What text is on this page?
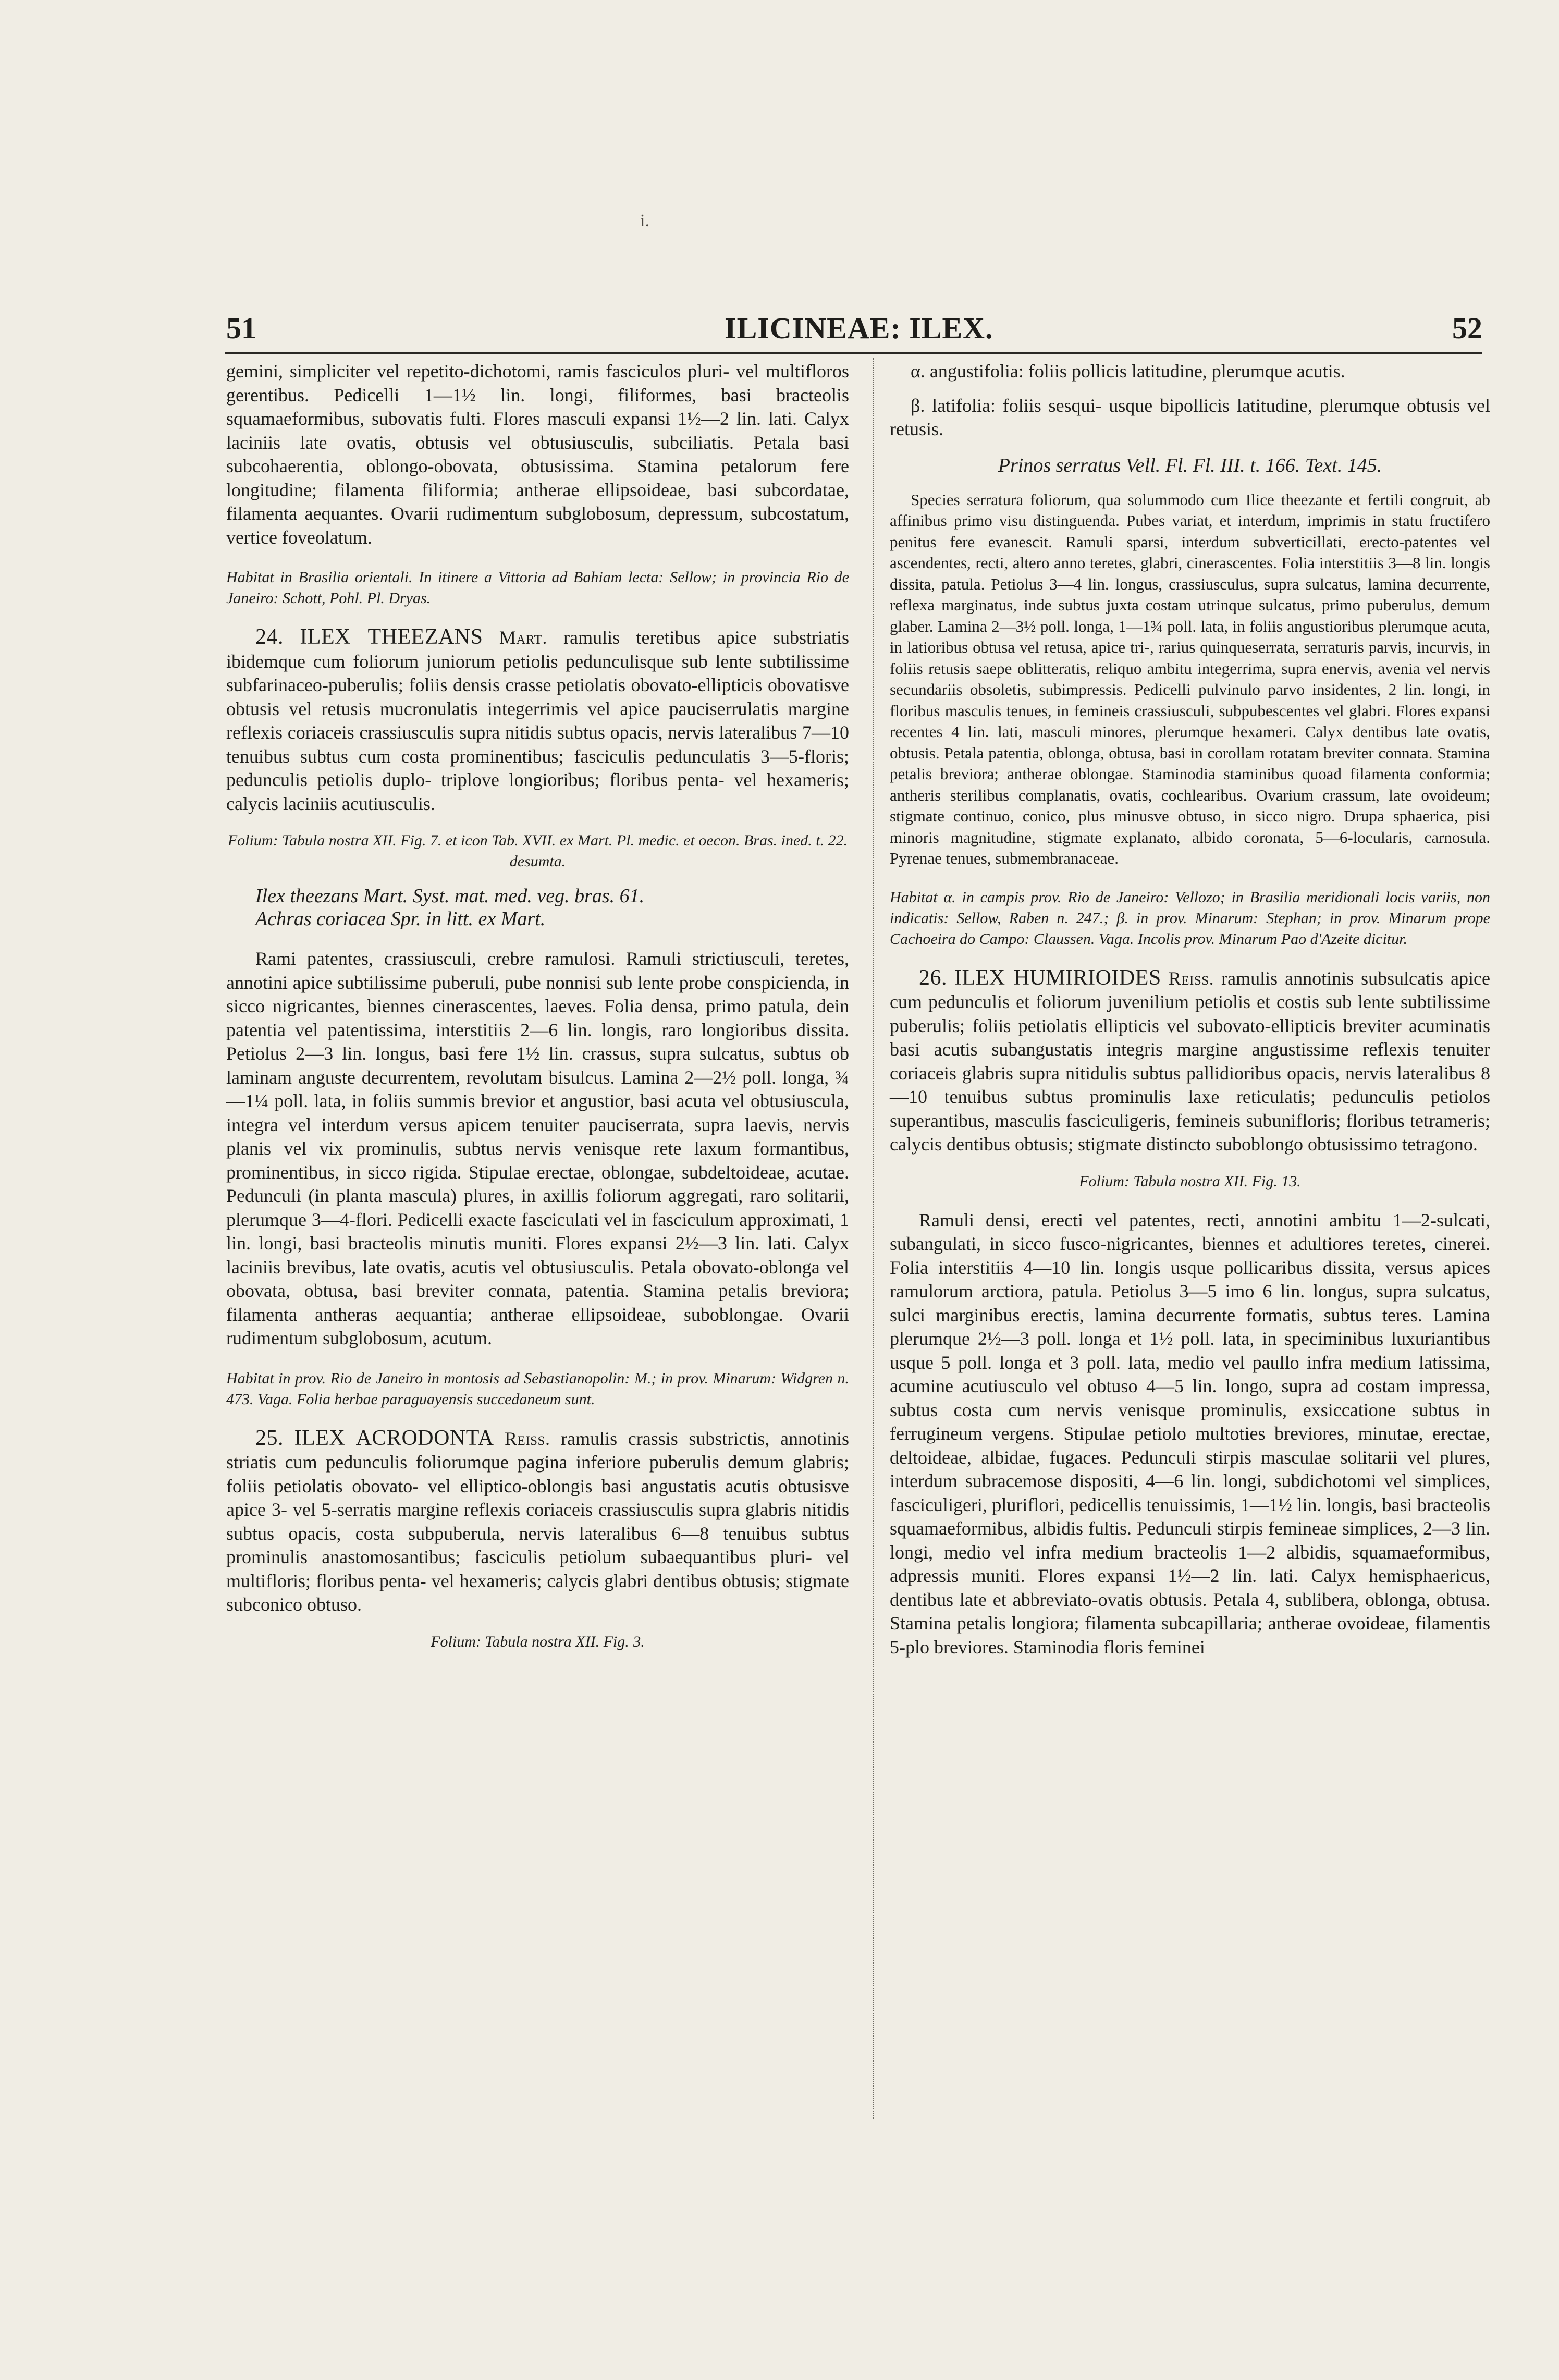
i.
51	ILICINEAE: ILEX.	52

gemini, simpliciter vel repetito-dichotomi, ramis fasciculos pluri- vel multifloros gerentibus. Pedicelli 1—1½ lin. longi, filiformes, basi bracteolis squamaeformibus, subovatis fulti. Flores masculi expansi 1½—2 lin. lati. Calyx laciniis late ovatis, obtusis vel obtusiusculis, subciliatis. Petala basi subcohaerentia, oblongo-obovata, obtusissima. Stamina petalorum fere longitudine; filamenta filiformia; antherae ellipsoideae, basi subcordatae, filamenta aequantes. Ovarii rudimentum subglobosum, depressum, subcostatum, vertice foveolatum.

Habitat in Brasilia orientali. In itinere a Vittoria ad Bahiam lecta: Sellow; in provincia Rio de Janeiro: Schott, Pohl. Pl. Dryas.

24. ILEX THEEZANS Mart. ramulis teretibus apice substriatis ibidemque cum foliorum juniorum petiolis pedunculisque sub lente subtilissime subfarinaceo-puberulis; foliis densis crasse petiolatis obovato-ellipticis obovatisve obtusis vel retusis mucronulatis integerrimis vel apice pauciserrulatis margine reflexis coriaceis crassiusculis supra nitidis subtus opacis, nervis lateralibus 7—10 tenuibus subtus cum costa prominentibus; fasciculis pedunculatis 3—5-floris; pedunculis petiolis duplo- triplove longioribus; floribus penta- vel hexameris; calycis laciniis acutiusculis.

Folium: Tabula nostra XII. Fig. 7. et icon Tab. XVII. ex Mart. Pl. medic. et oecon. Bras. ined. t. 22. desumta.

Ilex theezans Mart. Syst. mat. med. veg. bras. 61.

Achras coriacea Spr. in litt. ex Mart.

Rami patentes, crassiusculi, crebre ramulosi. Ramuli strictiusculi, teretes, annotini apice subtilissime puberuli, pube nonnisi sub lente probe conspicienda, in sicco nigricantes, biennes cinerascentes, laeves. Folia densa, primo patula, dein patentia vel patentissima, interstitiis 2—6 lin. longis, raro longioribus dissita. Petiolus 2—3 lin. longus, basi fere 1½ lin. crassus, supra sulcatus, subtus ob laminam anguste decurrentem, revolutam bisulcus. Lamina 2—2½ poll. longa, ¾—1¼ poll. lata, in foliis summis brevior et angustior, basi acuta vel obtusiuscula, integra vel interdum versus apicem tenuiter pauciserrata, supra laevis, nervis planis vel vix prominulis, subtus nervis venisque rete laxum formantibus, prominentibus, in sicco rigida. Stipulae erectae, oblongae, subdeltoideae, acutae. Pedunculi (in planta mascula) plures, in axillis foliorum aggregati, raro solitarii, plerumque 3—4-flori. Pedicelli exacte fasciculati vel in fasciculum approximati, 1 lin. longi, basi bracteolis minutis muniti. Flores expansi 2½—3 lin. lati. Calyx laciniis brevibus, late ovatis, acutis vel obtusiusculis. Petala obovato-oblonga vel obovata, obtusa, basi breviter connata, patentia. Stamina petalis breviora; filamenta antheras aequantia; antherae ellipsoideae, suboblongae. Ovarii rudimentum subglobosum, acutum.

Habitat in prov. Rio de Janeiro in montosis ad Sebastianopolin: M.; in prov. Minarum: Widgren n. 473. Vaga. Folia herbae paraguayensis succedaneum sunt.

25. ILEX ACRODONTA Reiss. ramulis crassis substrictis, annotinis striatis cum pedunculis foliorumque pagina inferiore puberulis demum glabris; foliis petiolatis obovato- vel elliptico-oblongis basi angustatis acutis obtusisve apice 3- vel 5-serratis margine reflexis coriaceis crassiusculis supra glabris nitidis subtus opacis, costa subpuberula, nervis lateralibus 6—8 tenuibus subtus prominulis anastomosantibus; fasciculis petiolum subaequantibus pluri- vel multifloris; floribus penta- vel hexameris; calycis glabri dentibus obtusis; stigmate subconico obtuso.

Folium: Tabula nostra XII. Fig. 3.

α. angustifolia: foliis pollicis latitudine, plerumque acutis.

β. latifolia: foliis sesqui- usque bipollicis latitudine, plerumque obtusis vel retusis.

Prinos serratus Vell. Fl. Fl. III. t. 166. Text. 145.

Species serratura foliorum, qua solummodo cum Ilice theezante et fertili congruit, ab affinibus primo visu distinguenda. Pubes variat, et interdum, imprimis in statu fructifero penitus fere evanescit. Ramuli sparsi, interdum subverticillati, erecto-patentes vel ascendentes, recti, altero anno teretes, glabri, cinerascentes. Folia interstitiis 3—8 lin. longis dissita, patula. Petiolus 3—4 lin. longus, crassiusculus, supra sulcatus, lamina decurrente, reflexa marginatus, inde subtus juxta costam utrinque sulcatus, primo puberulus, demum glaber. Lamina 2—3½ poll. longa, 1—1¾ poll. lata, in foliis angustioribus plerumque acuta, in latioribus obtusa vel retusa, apice tri-, rarius quinqueserrata, serraturis parvis, incurvis, in foliis retusis saepe oblitteratis, reliquo ambitu integerrima, supra enervis, avenia vel nervis secundariis obsoletis, subimpressis. Pedicelli pulvinulo parvo insidentes, 2 lin. longi, in floribus masculis tenues, in femineis crassiusculi, subpubescentes vel glabri. Flores expansi recentes 4 lin. lati, masculi minores, plerumque hexameri. Calyx dentibus late ovatis, obtusis. Petala patentia, oblonga, obtusa, basi in corollam rotatam breviter connata. Stamina petalis breviora; antherae oblongae. Staminodia staminibus quoad filamenta conformia; antheris sterilibus complanatis, ovatis, cochlearibus. Ovarium crassum, late ovoideum; stigmate continuo, conico, plus minusve obtuso, in sicco nigro. Drupa sphaerica, pisi minoris magnitudine, stigmate explanato, albido coronata, 5—6-locularis, carnosula. Pyrenae tenues, submembranaceae.

Habitat α. in campis prov. Rio de Janeiro: Vellozo; in Brasilia meridionali locis variis, non indicatis: Sellow, Raben n. 247.; β. in prov. Minarum: Stephan; in prov. Minarum prope Cachoeira do Campo: Claussen. Vaga. Incolis prov. Minarum Pao d'Azeite dicitur.

26. ILEX HUMIRIOIDES Reiss. ramulis annotinis subsulcatis apice cum pedunculis et foliorum juvenilium petiolis et costis sub lente subtilissime puberulis; foliis petiolatis ellipticis vel subovato-ellipticis breviter acuminatis basi acutis subangustatis integris margine angustissime reflexis tenuiter coriaceis glabris supra nitidulis subtus pallidioribus opacis, nervis lateralibus 8—10 tenuibus subtus prominulis laxe reticulatis; pedunculis petiolos superantibus, masculis fasciculigeris, femineis subunifloris; floribus tetrameris; calycis dentibus obtusis; stigmate distincto suboblongo obtusissimo tetragono.

Folium: Tabula nostra XII. Fig. 13.

Ramuli densi, erecti vel patentes, recti, annotini ambitu 1—2-sulcati, subangulati, in sicco fusco-nigricantes, biennes et adultiores teretes, cinerei. Folia interstitiis 4—10 lin. longis usque pollicaribus dissita, versus apices ramulorum arctiora, patula. Petiolus 3—5 imo 6 lin. longus, supra sulcatus, sulci marginibus erectis, lamina decurrente formatis, subtus teres. Lamina plerumque 2½—3 poll. longa et 1½ poll. lata, in speciminibus luxuriantibus usque 5 poll. longa et 3 poll. lata, medio vel paullo infra medium latissima, acumine acutiusculo vel obtuso 4—5 lin. longo, supra ad costam impressa, subtus costa cum nervis venisque prominulis, exsiccatione subtus in ferrugineum vergens. Stipulae petiolo multoties breviores, minutae, erectae, deltoideae, albidae, fugaces. Pedunculi stirpis masculae solitarii vel plures, interdum subracemose dispositi, 4—6 lin. longi, subdichotomi vel simplices, fasciculigeri, pluriflori, pedicellis tenuissimis, 1—1½ lin. longis, basi bracteolis squamaeformibus, albidis fultis. Pedunculi stirpis femineae simplices, 2—3 lin. longi, medio vel infra medium bracteolis 1—2 albidis, squamaeformibus, adpressis muniti. Flores expansi 1½—2 lin. lati. Calyx hemisphaericus, dentibus late et abbreviato-ovatis obtusis. Petala 4, sublibera, oblonga, obtusa. Stamina petalis longiora; filamenta subcapillaria; antherae ovoideae, filamentis 5-plo breviores. Staminodia floris feminei
